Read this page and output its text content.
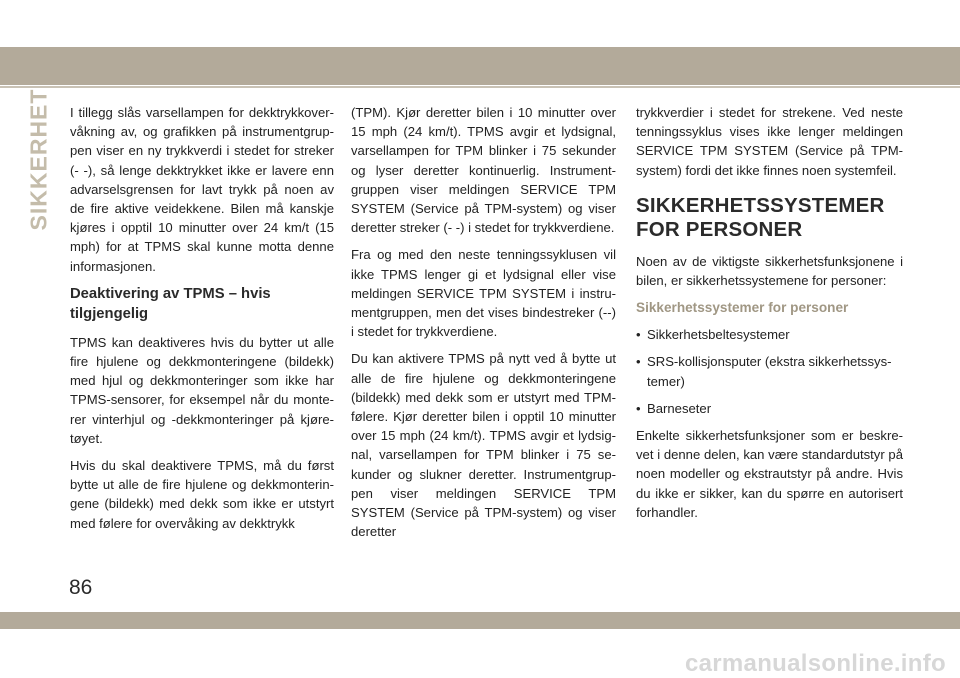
SIKKERHET I tillegg slås varsellampen for dekktrykkovervåkning av, og grafikken på instrumentgruppen viser en ny trykkverdi i stedet for streker (- -), så lenge dekktrykket ikke er lavere enn advarselsgrensen for lavt trykk på noen av de fire aktive veidekkene. Bilen må kanskje kjøres i opptil 10 minutter over 24 km/t (15 mph) for at TPMS skal kunne motta denne informasjonen.

Deaktivering av TPMS – hvis tilgjengelig

TPMS kan deaktiveres hvis du bytter ut alle fire hjulene og dekkmonteringene (bildekk) med hjul og dekkmonteringer som ikke har TPMS-sensorer, for eksempel når du monterer vinterhjul og -dekkmonteringer på kjøretøyet.

Hvis du skal deaktivere TPMS, må du først bytte ut alle de fire hjulene og dekkmonteringene (bildekk) med dekk som ikke er utstyrt med følere for overvåking av dekktrykk

(TPM). Kjør deretter bilen i 10 minutter over 15 mph (24 km/t). TPMS avgir et lydsignal, varsellampen for TPM blinker i 75 sekunder og lyser deretter kontinuerlig. Instrumentgruppen viser meldingen SERVICE TPM SYSTEM (Service på TPM-system) og viser deretter streker (- -) i stedet for trykkverdiene.

Fra og med den neste tenningssyklusen vil ikke TPMS lenger gi et lydsignal eller vise meldingen SERVICE TPM SYSTEM i instrumentgruppen, men det vises bindestreker (--) i stedet for trykkverdiene.

Du kan aktivere TPMS på nytt ved å bytte ut alle de fire hjulene og dekkmonteringene (bildekk) med dekk som er utstyrt med TPM-følere. Kjør deretter bilen i opptil 10 minutter over 15 mph (24 km/t). TPMS avgir et lydsignal, varsellampen for TPM blinker i 75 sekunder og slukner deretter. Instrumentgruppen viser meldingen SERVICE TPM SYSTEM (Service på TPM-system) og viser deretter

trykkverdier i stedet for strekene. Ved neste tenningssyklus vises ikke lenger meldingen SERVICE TPM SYSTEM (Service på TPM-system) fordi det ikke finnes noen systemfeil.

SIKKERHETSSYSTEMER
FOR PERSONER

Noen av de viktigste sikkerhetsfunksjonene i bilen, er sikkerhetssystemene for personer:

Sikkerhetssystemer for personer
• Sikkerhetsbeltesystemer
• SRS-kollisjonsputer (ekstra sikkerhetssystemer)
• Barneseter

Enkelte sikkerhetsfunksjoner som er beskrevet i denne delen, kan være standardutstyr på noen modeller og ekstrautstyr på andre. Hvis du ikke er sikker, kan du spørre en autorisert forhandler.

86
carmanualsonline.info
